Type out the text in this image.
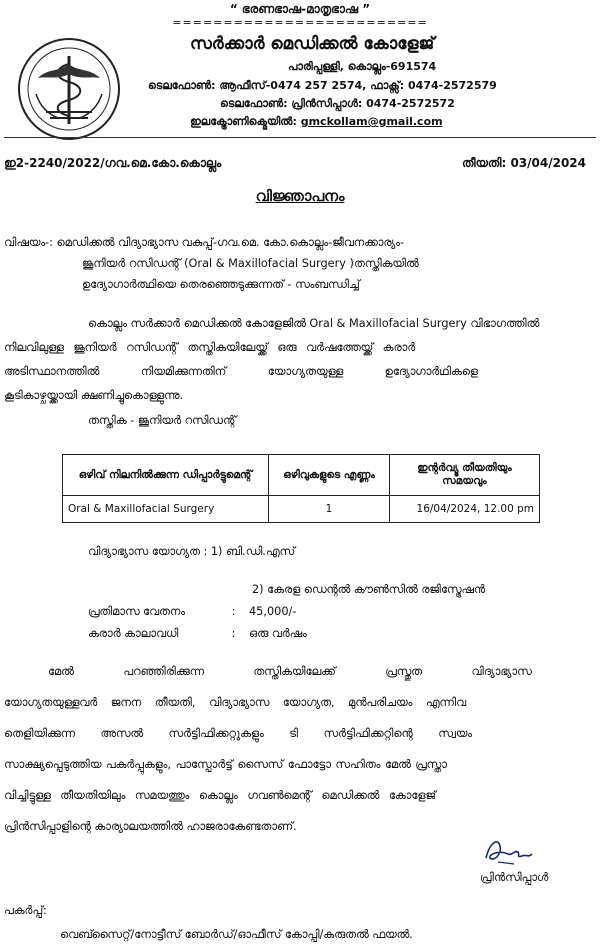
“ ഭരണഭാഷ-മാതൃഭാഷ ”
=========================
സർക്കാർ മെഡിക്കൽ കോളേജ്
പാരിപ്പള്ളി, കൊല്ലം-691574
ടെലഫോൺ: ആഫീസ്-0474 257 2574, ഫാക്സ്: 0474-2572579
ടെലഫോൺ: പ്രിൻസിപ്പാൾ: 0474-2572572
ഇലക്ട്രോണിക്മെയിൽ: gmckollam@gmail.com
ഇ2-2240/2022/ഗവ.മെ.കോ.കൊല്ലം	തീയതി: 03/04/2024
വിജ്ഞാപനം
വിഷയം-: മെഡിക്കൽ വിദ്യാഭ്യാസ വകുപ്പ്-ഗവ.മെ. കോ.കൊല്ലം-ജീവനക്കാര്യം-
ജൂനിയർ റസിഡന്റ് (Oral & Maxillofacial Surgery )തസ്തികയിൽ
ഉദ്യോഗാർത്ഥിയെ തെരഞ്ഞെടുക്കുന്നത് - സംബന്ധിച്ച്
കൊല്ലം സർക്കാർ മെഡിക്കൽ കോളേജിൽ Oral & Maxillofacial Surgery വിഭാഗത്തിൽ
നിലവിലുള്ള ജൂനിയർ റസിഡന്റ് തസ്തികയിലേയ്ക്ക് ഒരു വർഷത്തേയ്ക്ക് കരാർ
അടിസ്ഥാനത്തിൽ നിയമിക്കുന്നതിന് യോഗ്യതയുള്ള ഉദ്യോഗാർഥികളെ
കൂടികാഴ്ചയ്ക്കായി ക്ഷണിച്ചുകൊള്ളുന്നു.
തസ്തിക - ജൂനിയർ റസിഡന്റ്
ഒഴിവ് നിലനിൽക്കുന്ന ഡിപ്പാർട്ടുമെന്റ്	ഒഴിവുകളുടെ എണ്ണം	ഇന്റർവ്യൂ തീയതിയും സമയവും
Oral & Maxillofacial Surgery	1	16/04/2024, 12.00 pm
വിദ്യാഭ്യാസ യോഗ്യത : 1) ബി.ഡി.എസ്
2) കേരള ഡെന്റൽ കൗൺസിൽ രജിസ്ട്രേഷൻ
പ്രതിമാസ വേതനം	: 45,000/-
കരാർ കാലാവധി	: ഒരു വർഷം
മേൽ പറഞ്ഞിരിക്കുന്ന തസ്തികയിലേക്ക് പ്രസ്തുത വിദ്യാഭ്യാസ
യോഗ്യതയുള്ളവർ ജനന തീയതി, വിദ്യാഭ്യാസ യോഗ്യത, മുൻപരിചയം എന്നിവ
തെളിയിക്കുന്ന അസൽ സർട്ടിഫിക്കറ്റുകളും ടി സർട്ടിഫിക്കറ്റിന്റെ സ്വയം
സാക്ഷ്യപ്പെടുത്തിയ പകർപ്പുകളും, പാസ്പോർട്ട് സൈസ് ഫോട്ടോ സഹിതം മേൽ പ്രസ്താ
വിച്ചിട്ടുള്ള തീയതിയിലും സമയത്തും കൊല്ലം ഗവൺമെന്റ് മെഡിക്കൽ കോളേജ്
പ്രിൻസിപ്പാളിന്റെ കാര്യാലയത്തിൽ ഹാജരാകേണ്ടതാണ്.
പ്രിൻസിപ്പാൾ
പകർപ്പ്:
വെബ്സൈറ്റ്/നോട്ടീസ് ബോർഡ്/ഓഫീസ് കോപ്പി/കരുതൽ ഫയൽ.
